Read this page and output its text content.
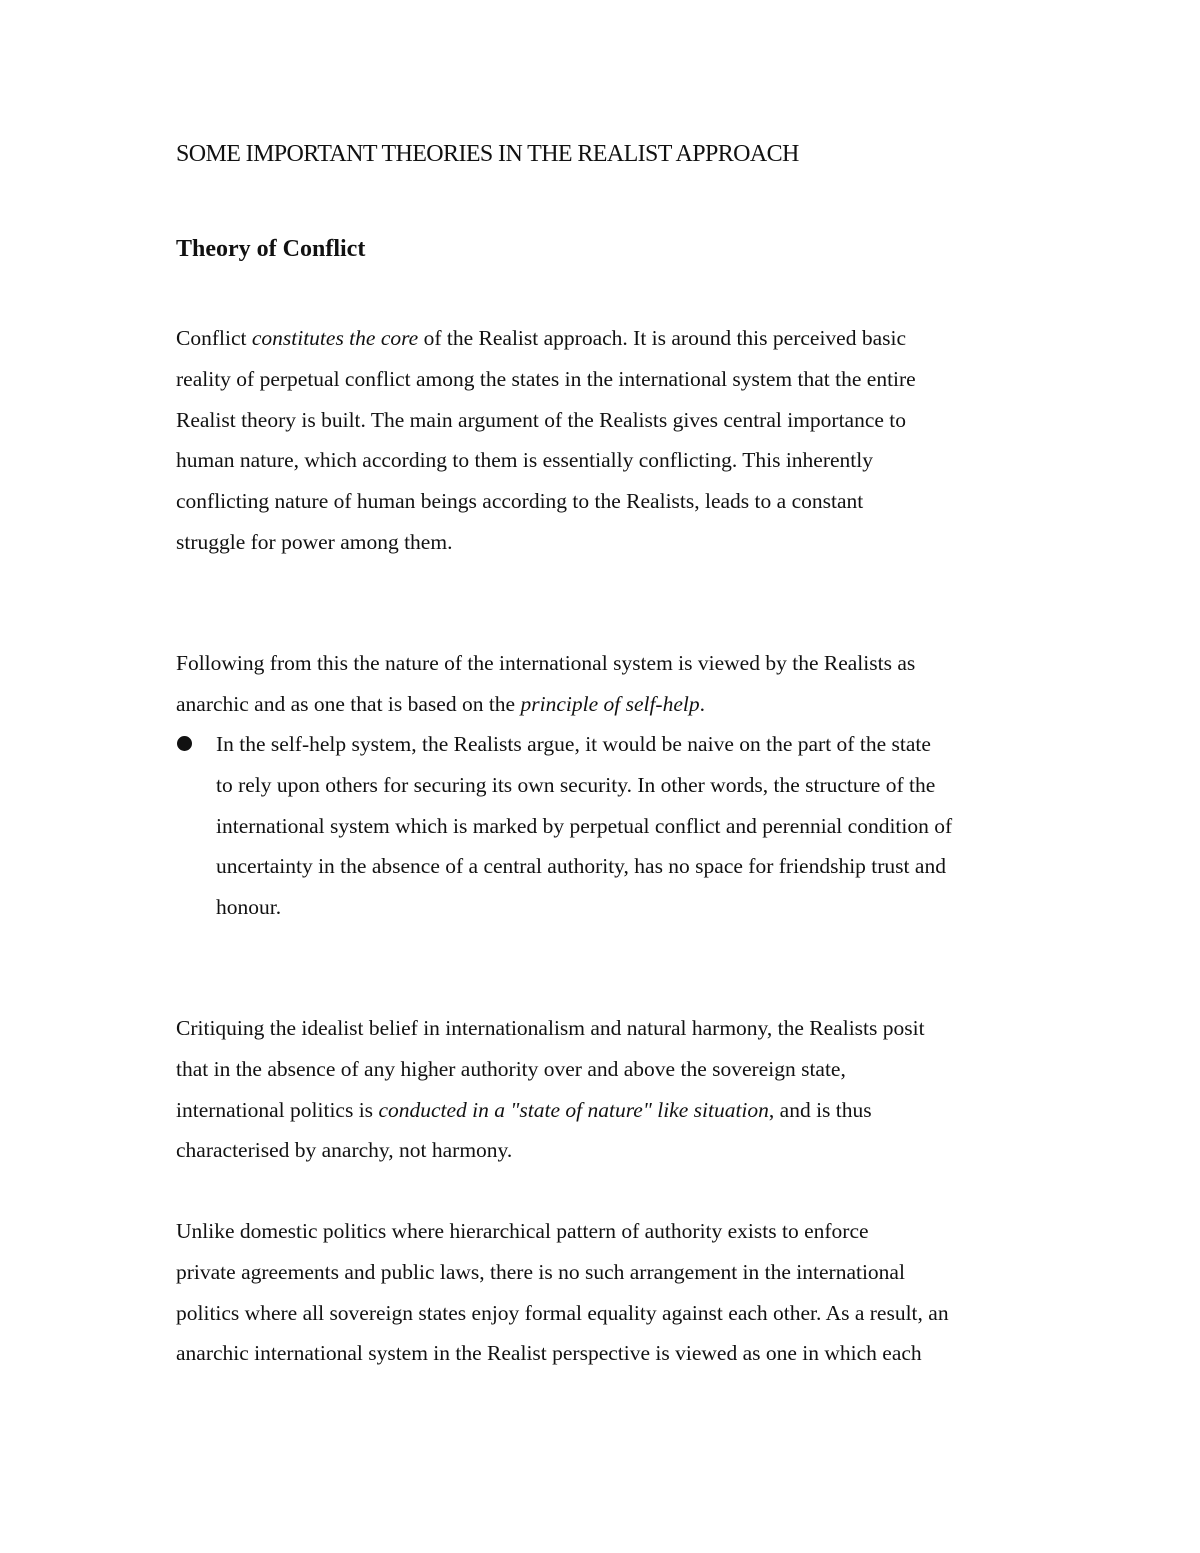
SOME IMPORTANT THEORIES IN THE REALIST APPROACH
Theory of Conflict

Conflict constitutes the core of the Realist approach. It is around this perceived basic
reality of perpetual conflict among the states in the international system that the entire
Realist theory is built. The main argument of the Realists gives central importance to
human nature, which according to them is essentially conflicting. This inherently
conflicting nature of human beings according to the Realists, leads to a constant
struggle for power among them.

Following from this the nature of the international system is viewed by the Realists as
anarchic and as one that is based on the principle of self-help.

In the self-help system, the Realists argue, it would be naive on the part of the state
to rely upon others for securing its own security. In other words, the structure of the
international system which is marked by perpetual conflict and perennial condition of
uncertainty in the absence of a central authority, has no space for friendship trust and
honour.

Critiquing the idealist belief in internationalism and natural harmony, the Realists posit
that in the absence of any higher authority over and above the sovereign state,
international politics is conducted in a "state of nature" like situation, and is thus
characterised by anarchy, not harmony.

Unlike domestic politics where hierarchical pattern of authority exists to enforce
private agreements and public laws, there is no such arrangement in the international
politics where all sovereign states enjoy formal equality against each other. As a result, an
anarchic international system in the Realist perspective is viewed as one in which each
